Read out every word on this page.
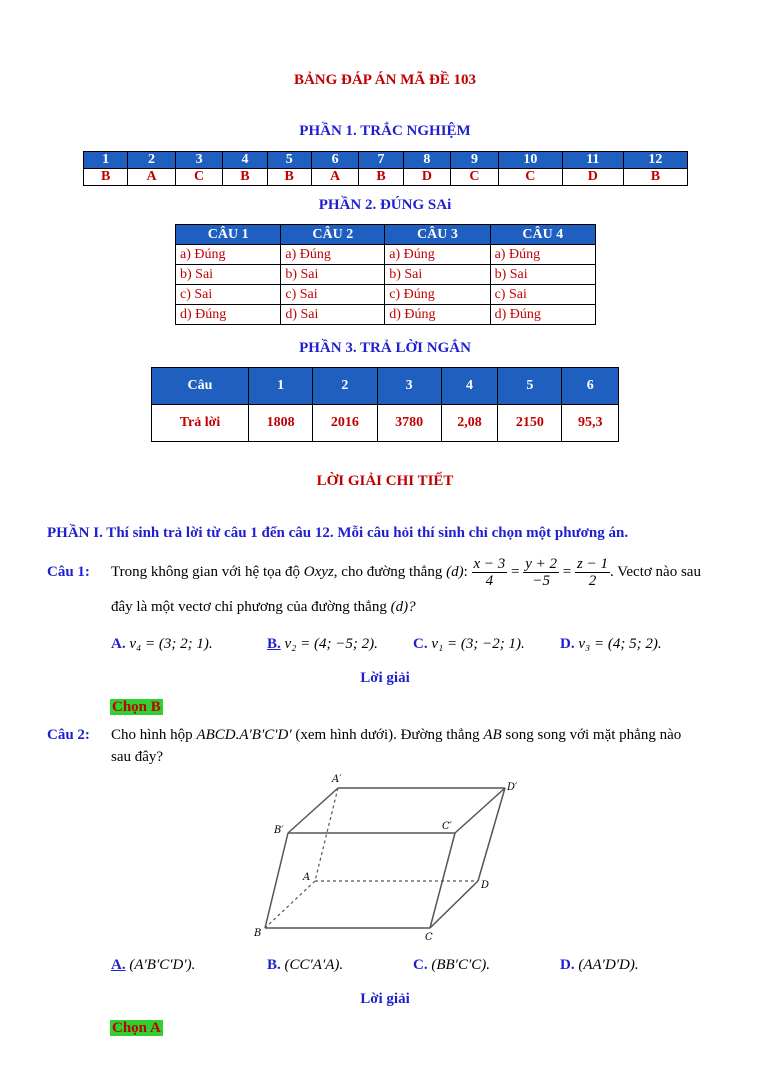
BẢNG ĐÁP ÁN MÃ ĐỀ 103
PHẦN 1. TRẮC NGHIỆM
1	2	3	4	5	6	7	8	9	10	11	12
B	A	C	B	B	A	B	D	C	C	D	B
PHẦN 2. ĐÚNG SAi
CÂU 1	CÂU 2	CÂU 3	CÂU 4
a) Đúng	a) Đúng	a) Đúng	a) Đúng
b) Sai	b) Sai	b) Sai	b) Sai
c) Sai	c) Sai	c) Đúng	c) Sai
d) Đúng	d) Sai	d) Đúng	d) Đúng
PHẦN 3. TRẢ LỜI NGẮN
Câu	1	2	3	4	5	6
Trả lời	1808	2016	3780	2,08	2150	95,3
LỜI GIẢI CHI TIẾT
PHẦN I. Thí sinh trả lời từ câu 1 đến câu 12. Mỗi câu hỏi thí sinh chỉ chọn một phương án.
Câu 1: Trong không gian với hệ tọa độ Oxyz, cho đường thẳng (d): $\frac{x - 3}{4} = \frac{y + 2}{-5} = \frac{z - 1}{2}$ . Vectơ nào sau
đây là một vectơ chỉ phương của đường thẳng (d)?
A. v₄ = (3; 2; 1).	B. v₂ = (4; −5; 2). C. v₁ = (3; −2; 1). D. v₃ = (4; 5; 2).
Lời giải
Chọn B
Câu 2: Cho hình hộp ABCD.A′B′C′D′ (xem hình dưới). Đường thẳng AB song song với mặt phẳng nào
sau đây?
A′
D′
B′	C′
A
D
B	C
A. (A′B′C′D′).	B. (CC′A′A).	C. (BB′C′C).	D. (AA′D′D).
Lời giải
Chọn A
